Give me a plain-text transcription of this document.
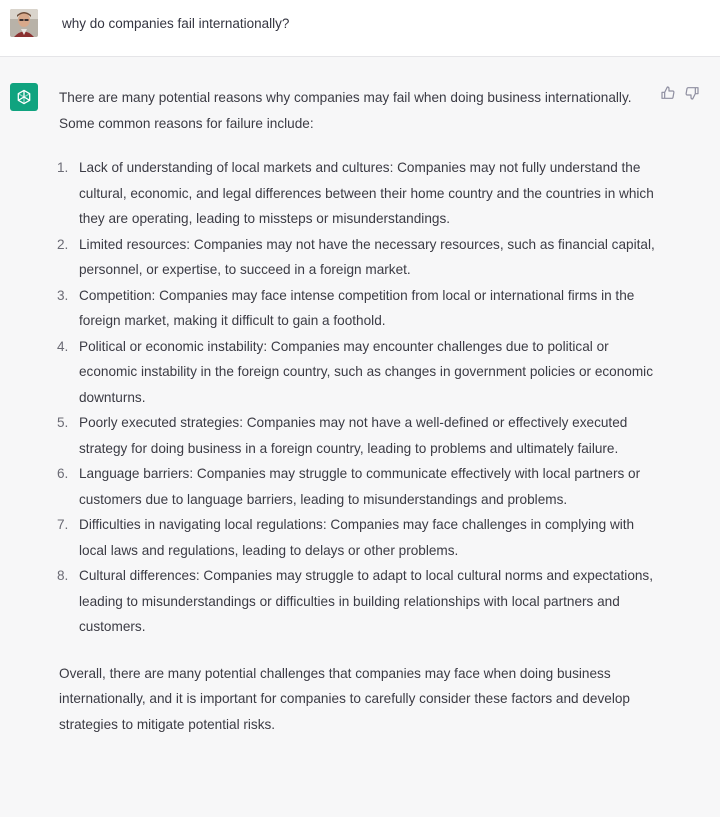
why do companies fail internationally?

There are many potential reasons why companies may fail when doing business internationally. Some common reasons for failure include:

1. Lack of understanding of local markets and cultures: Companies may not fully understand the cultural, economic, and legal differences between their home country and the countries in which they are operating, leading to missteps or misunderstandings.
2. Limited resources: Companies may not have the necessary resources, such as financial capital, personnel, or expertise, to succeed in a foreign market.
3. Competition: Companies may face intense competition from local or international firms in the foreign market, making it difficult to gain a foothold.
4. Political or economic instability: Companies may encounter challenges due to political or economic instability in the foreign country, such as changes in government policies or economic downturns.
5. Poorly executed strategies: Companies may not have a well-defined or effectively executed strategy for doing business in a foreign country, leading to problems and ultimately failure.
6. Language barriers: Companies may struggle to communicate effectively with local partners or customers due to language barriers, leading to misunderstandings and problems.
7. Difficulties in navigating local regulations: Companies may face challenges in complying with local laws and regulations, leading to delays or other problems.
8. Cultural differences: Companies may struggle to adapt to local cultural norms and expectations, leading to misunderstandings or difficulties in building relationships with local partners and customers.

Overall, there are many potential challenges that companies may face when doing business internationally, and it is important for companies to carefully consider these factors and develop strategies to mitigate potential risks.
